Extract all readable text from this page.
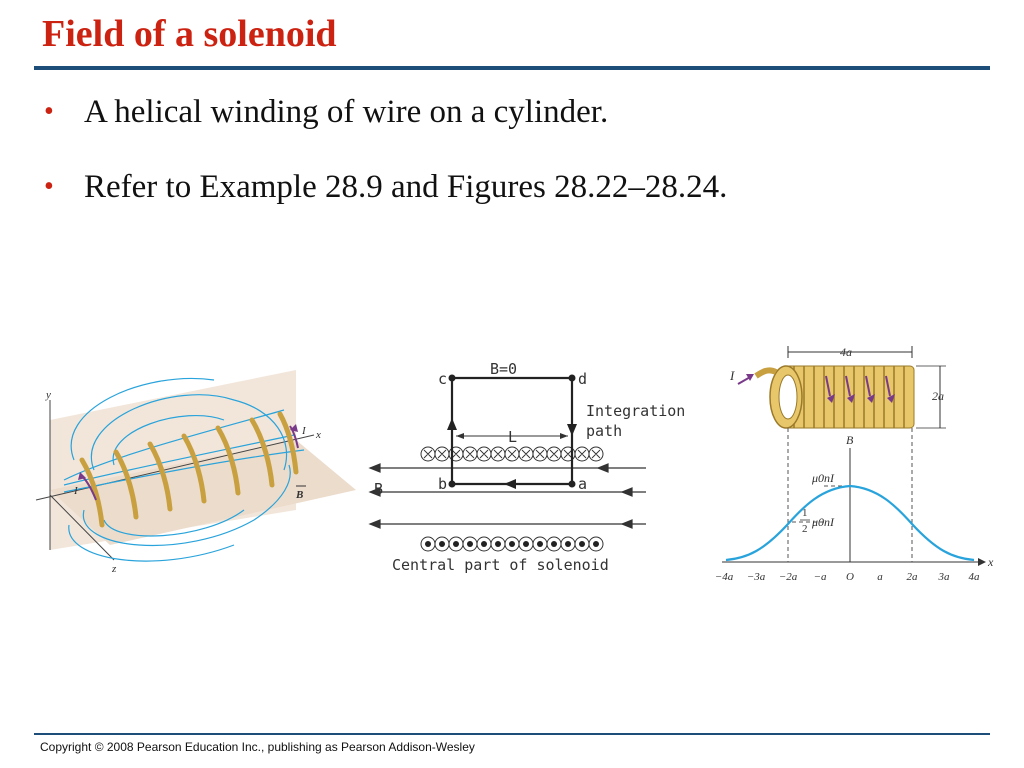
Field of a solenoid
• A helical winding of wire on a cylinder.
• Refer to Example 28.9 and Figures 28.22–28.24.
y
x
z
I
I
B
B=0
c	d
b	a
L
B
Integration
path
Central part of solenoid
I
4a
2a
B
x
μ0nI
1
2 μ0nI
−4a −3a −2a −a O a 2a 3a 4a
Copyright © 2008 Pearson Education Inc., publishing as Pearson Addison-Wesley
